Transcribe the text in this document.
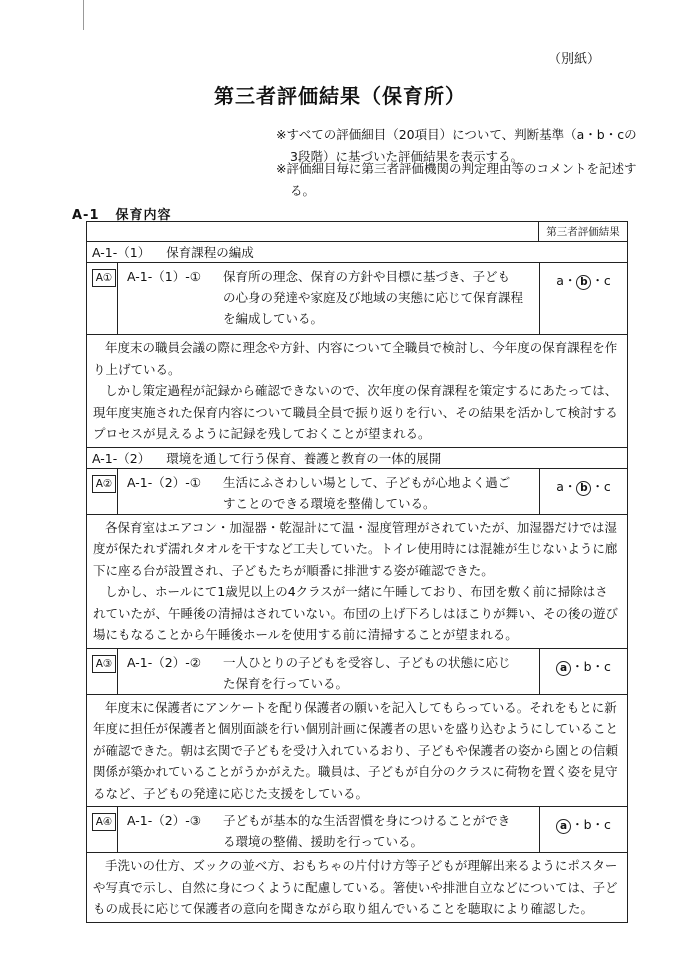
（別紙）
第三者評価結果（保育所）
※すべての評価細目（20項目）について、判断基準（a・b・cの3段階）に基づいた評価結果を表示する。
※評価細目毎に第三者評価機関の判定理由等のコメントを記述する。
A-1 保育内容
第三者評価結果
A-1-（1） 保育課程の編成
A① A-1-（1）-① 保育所の理念、保育の方針や目標に基づき、子ども
の心身の発達や家庭及び地域の実態に応じて保育課程
を編成している。
a・ b ・c

年度末の職員会議の際に理念や方針、内容について全職員で検討し、今年度の保育課程を作り上げている。

しかし策定過程が記録から確認できないので、次年度の保育課程を策定するにあたっては、現年度実施された保育内容について職員全員で振り返りを行い、その結果を活かして検討するプロセスが見えるように記録を残しておくことが望まれる。

A-1-（2） 環境を通して行う保育、養護と教育の一体的展開
A② A-1-（2）-① 生活にふさわしい場として、子どもが心地よく過ご
すことのできる環境を整備している。
a・ b ・c

各保育室はエアコン・加湿器・乾湿計にて温・湿度管理がされていたが、加湿器だけでは湿度が保たれず濡れタオルを干すなど工夫していた。トイレ使用時には混雑が生じないように廊下に座る台が設置され、子どもたちが順番に排泄する姿が確認できた。

しかし、ホールにて1歳児以上の4クラスが一緒に午睡しており、布団を敷く前に掃除はされていたが、午睡後の清掃はされていない。布団の上げ下ろしはほこりが舞い、その後の遊び場にもなることから午睡後ホールを使用する前に清掃することが望まれる。

A③ A-1-（2）-② 一人ひとりの子どもを受容し、子どもの状態に応じ
た保育を行っている。
a ・b・c

年度末に保護者にアンケートを配り保護者の願いを記入してもらっている。それをもとに新年度に担任が保護者と個別面談を行い個別計画に保護者の思いを盛り込むようにしていることが確認できた。朝は玄関で子どもを受け入れているおり、子どもや保護者の姿から園との信頼関係が築かれていることがうかがえた。職員は、子どもが自分のクラスに荷物を置く姿を見守るなど、子どもの発達に応じた支援をしている。

A④ A-1-（2）-③ 子どもが基本的な生活習慣を身につけることができ
る環境の整備、援助を行っている。
a ・b・c

手洗いの仕方、ズックの並べ方、おもちゃの片付け方等子どもが理解出来るようにポスターや写真で示し、自然に身につくように配慮している。箸使いや排泄自立などについては、子どもの成長に応じて保護者の意向を聞きながら取り組んでいることを聴取により確認した。
